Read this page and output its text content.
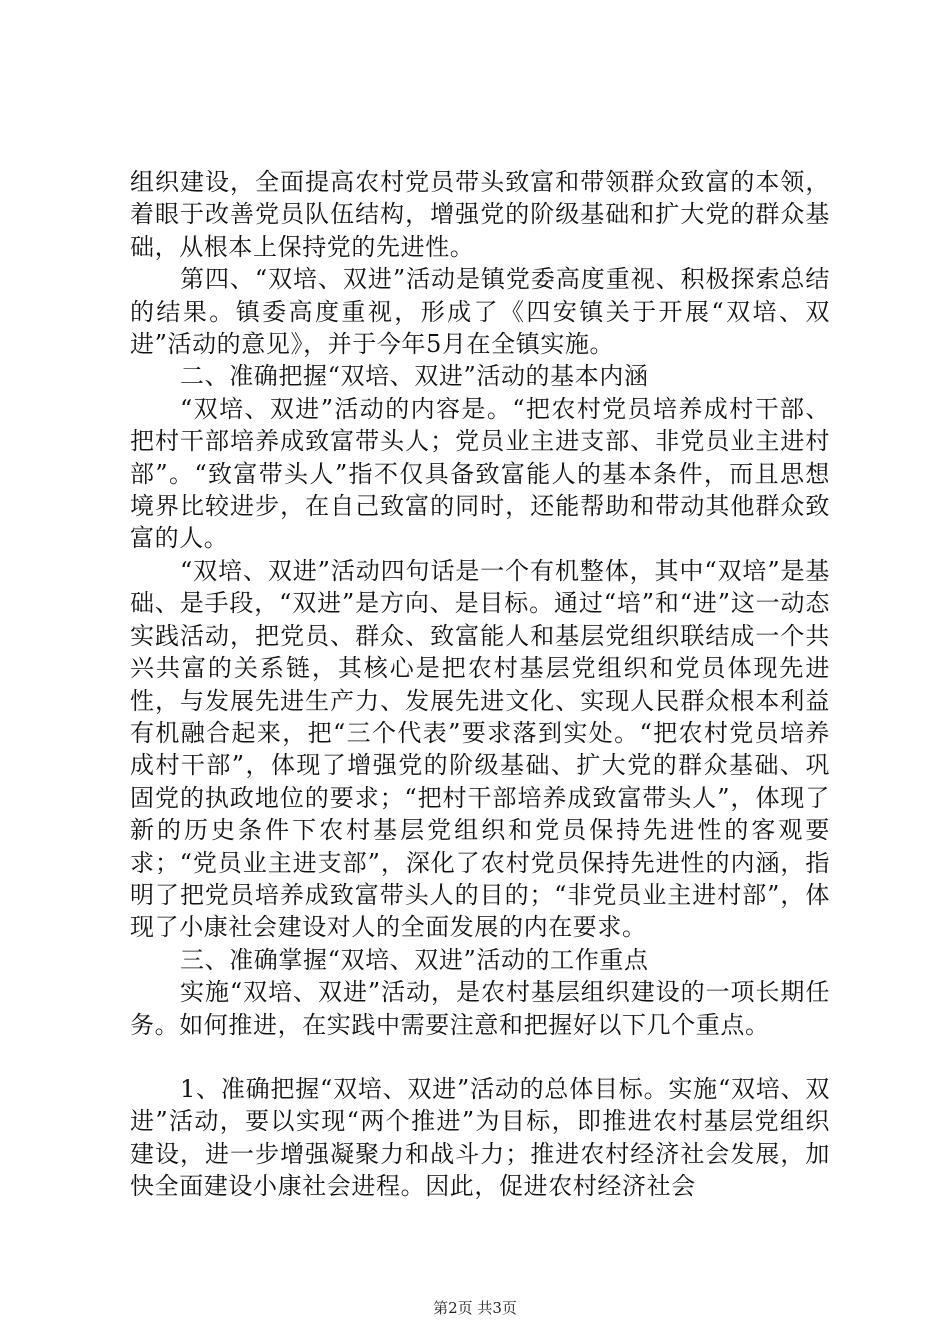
组织建设，全面提高农村党员带头致富和带领群众致富的本领，着眼于改善党员队伍结构，增强党的阶级基础和扩大党的群众基础，从根本上保持党的先进性。

第四、“双培、双进”活动是镇党委高度重视、积极探索总结的结果。镇委高度重视，形成了《四安镇关于开展“双培、双进”活动的意见》，并于今年5月在全镇实施。

二、准确把握“双培、双进”活动的基本内涵

“双培、双进”活动的内容是。“把农村党员培养成村干部、把村干部培养成致富带头人；党员业主进支部、非党员业主进村部”。“致富带头人”指不仅具备致富能人的基本条件，而且思想境界比较进步，在自己致富的同时，还能帮助和带动其他群众致富的人。

“双培、双进”活动四句话是一个有机整体，其中“双培”是基础、是手段，“双进”是方向、是目标。通过“培”和“进”这一动态实践活动，把党员、群众、致富能人和基层党组织联结成一个共兴共富的关系链，其核心是把农村基层党组织和党员体现先进性，与发展先进生产力、发展先进文化、实现人民群众根本利益有机融合起来，把“三个代表”要求落到实处。“把农村党员培养成村干部”，体现了增强党的阶级基础、扩大党的群众基础、巩固党的执政地位的要求；“把村干部培养成致富带头人”，体现了新的历史条件下农村基层党组织和党员保持先进性的客观要求；“党员业主进支部”，深化了农村党员保持先进性的内涵，指明了把党员培养成致富带头人的目的；“非党员业主进村部”，体现了小康社会建设对人的全面发展的内在要求。

三、准确掌握“双培、双进”活动的工作重点

实施“双培、双进”活动，是农村基层组织建设的一项长期任务。如何推进，在实践中需要注意和把握好以下几个重点。

1、准确把握“双培、双进”活动的总体目标。实施“双培、双进”活动，要以实现“两个推进”为目标，即推进农村基层党组织建设，进一步增强凝聚力和战斗力；推进农村经济社会发展，加快全面建设小康社会进程。因此，促进农村经济社会

第2页 共3页
